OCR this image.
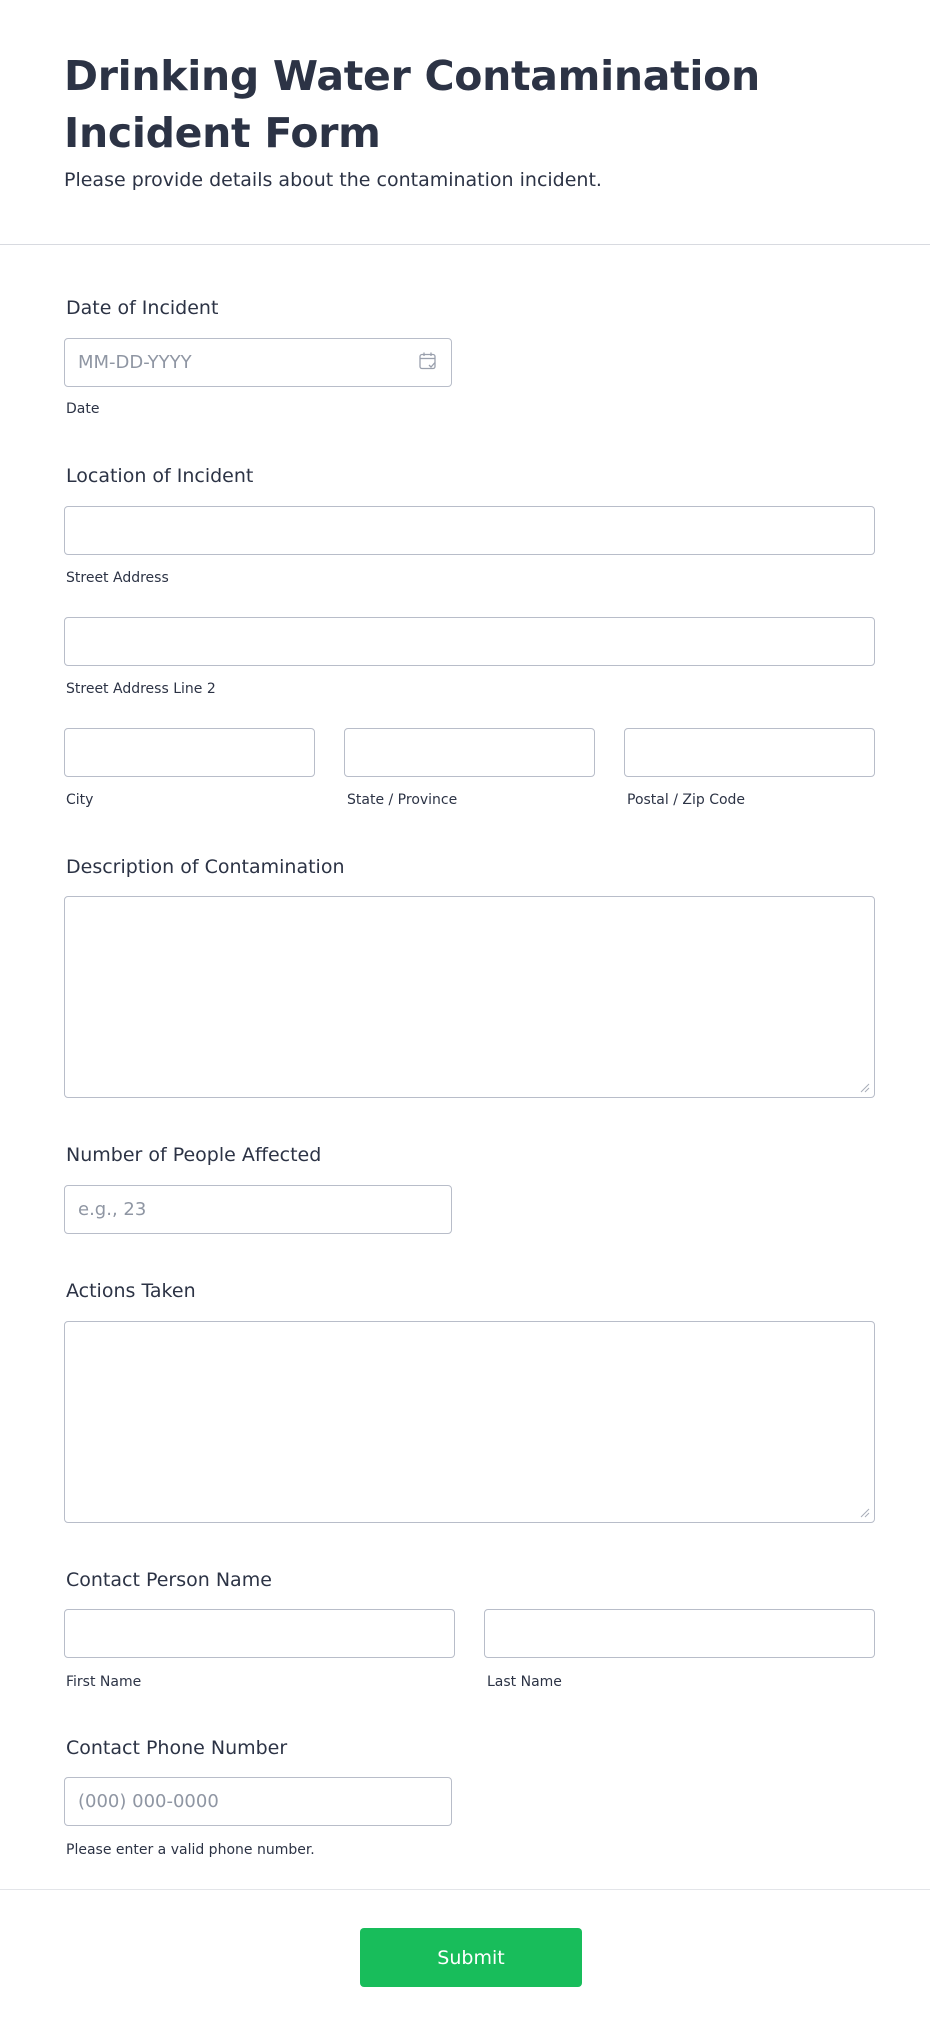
Drinking Water Contamination Incident Form

Please provide details about the contamination incident.

Date of Incident
MM-DD-YYYY
Date
Location of Incident
Street Address
Street Address Line 2
City	State / Province	Postal / Zip Code
Description of Contamination
Number of People Affected
e.g., 23
Actions Taken
Contact Person Name
First Name	Last Name
Contact Phone Number
(000) 000-0000
Please enter a valid phone number.
Submit
